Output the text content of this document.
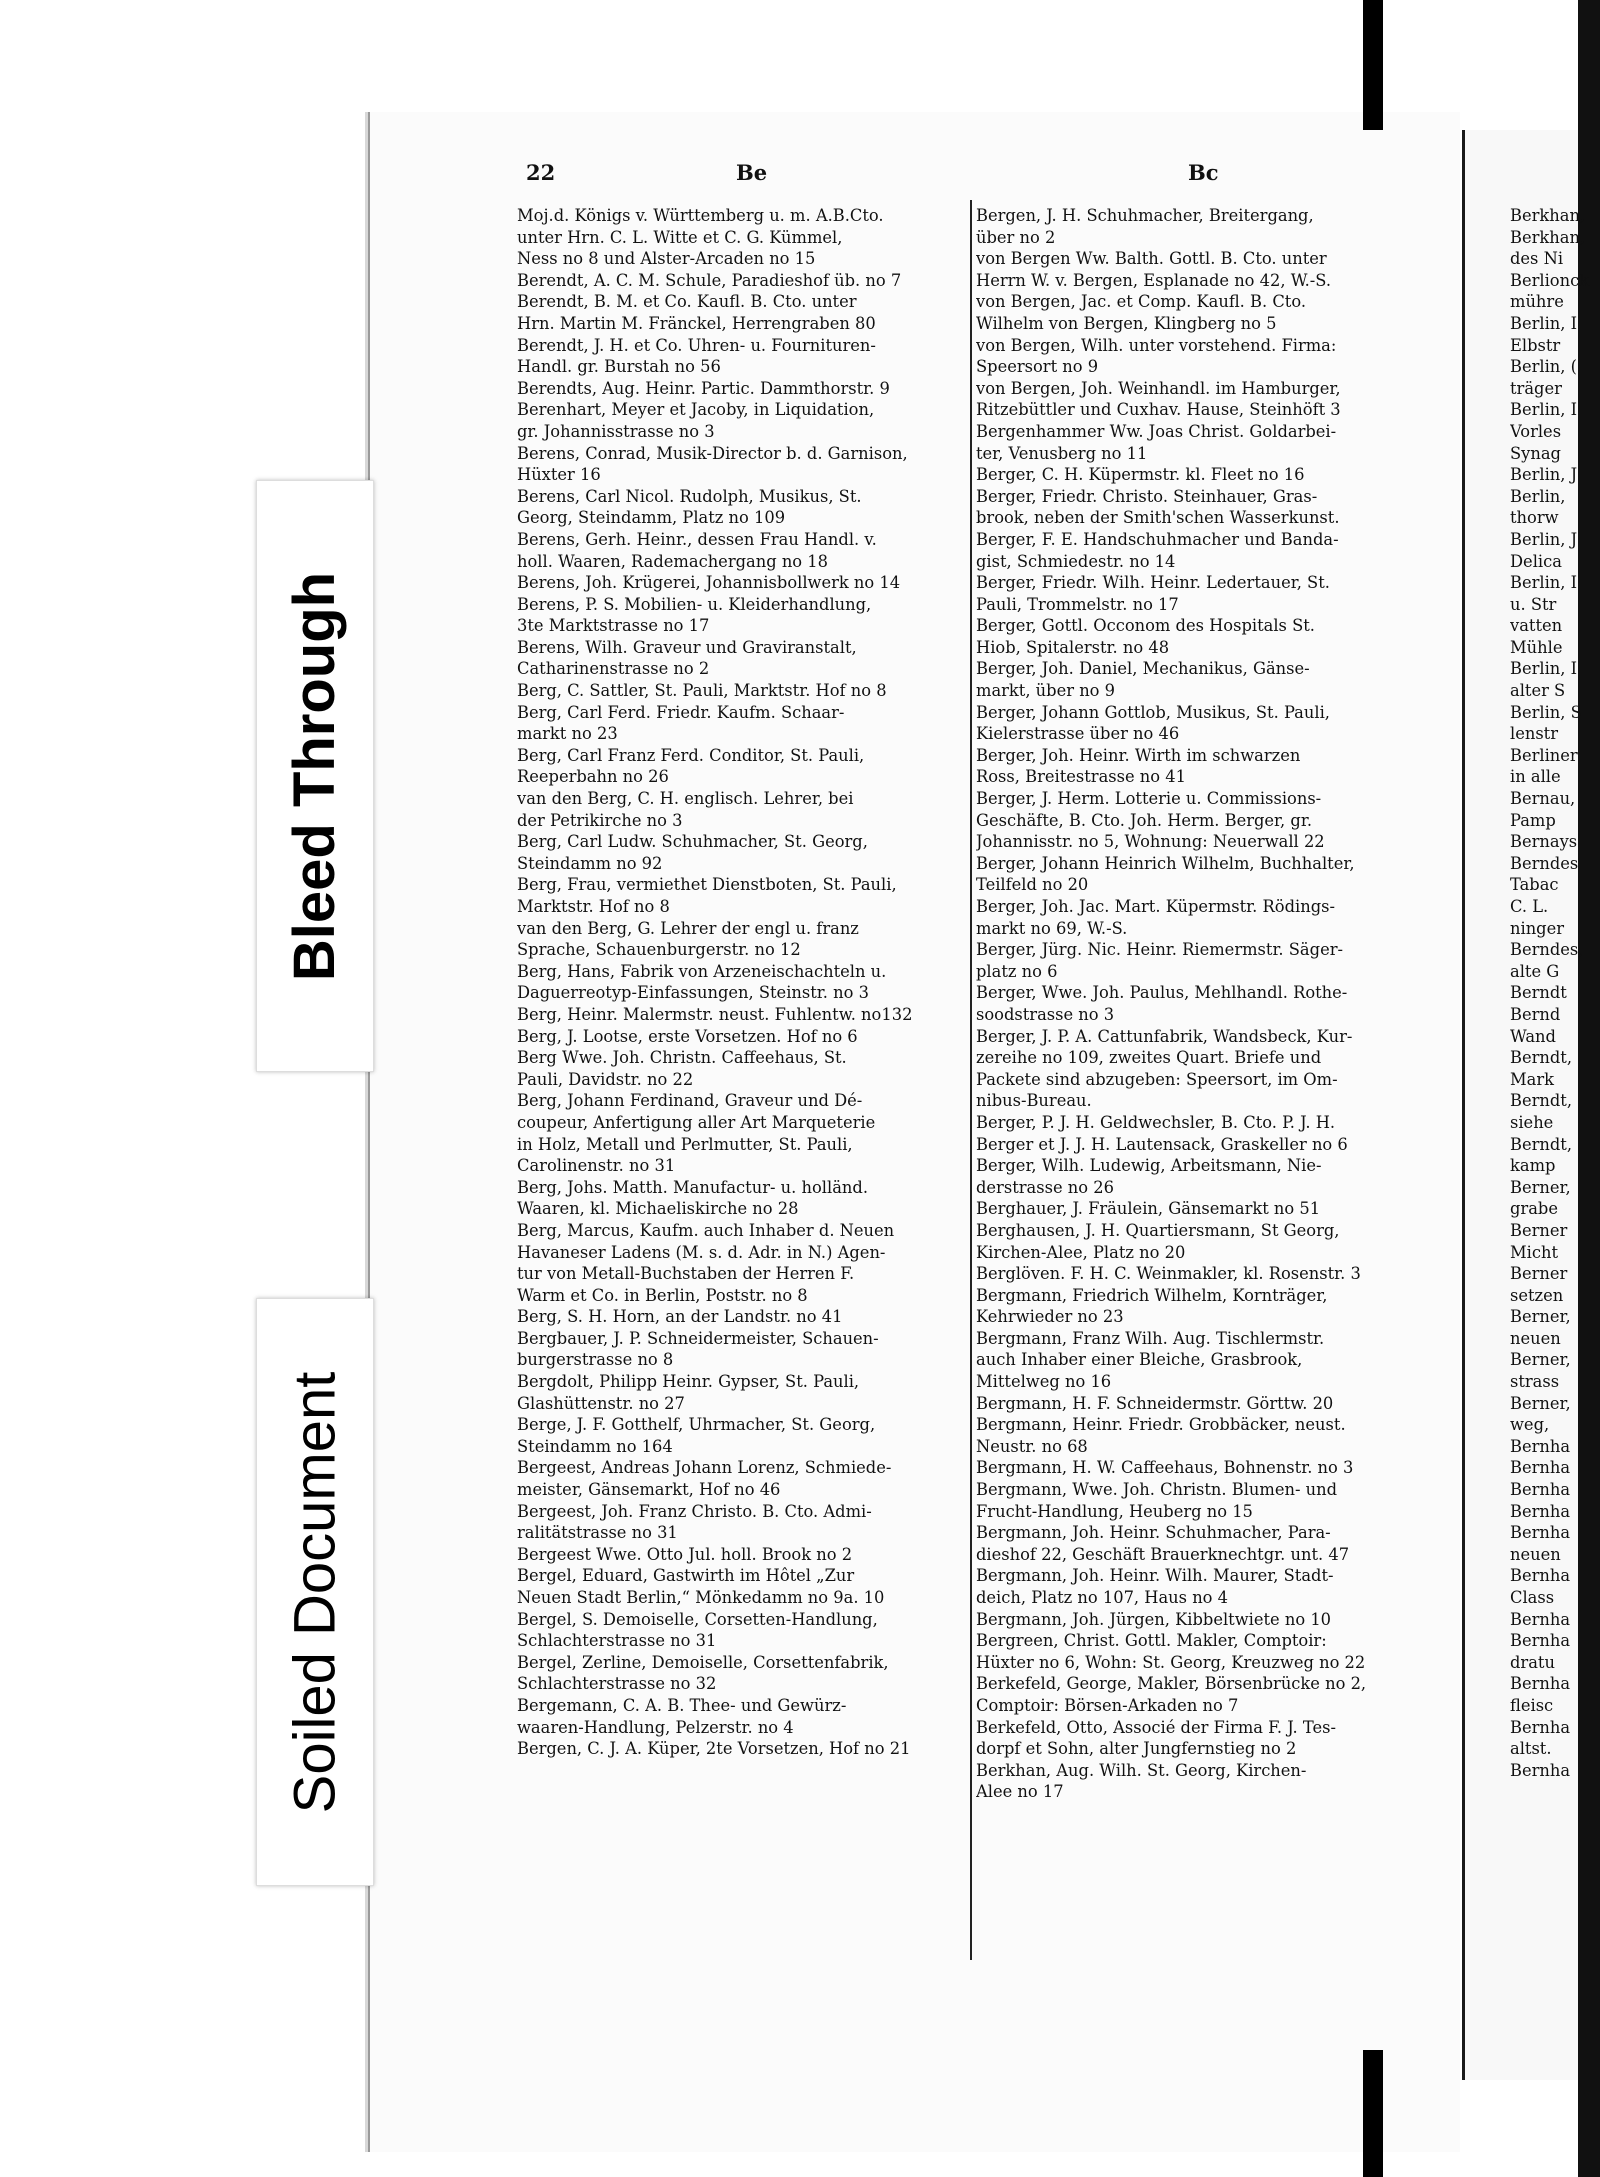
22	Be	Bc
Moj.d. Königs v. Württemberg u. m. A.B.Cto.
unter Hrn. C. L. Witte et C. G. Kümmel,
Ness no 8 und Alster-Arcaden no 15
Berendt, A. C. M. Schule, Paradieshof üb. no 7
Berendt, B. M. et Co. Kaufl. B. Cto. unter
Hrn. Martin M. Fränckel, Herrengraben 80
Berendt, J. H. et Co. Uhren- u. Fournituren-
Handl. gr. Burstah no 56
Berendts, Aug. Heinr. Partic. Dammthorstr. 9
Berenhart, Meyer et Jacoby, in Liquidation,
gr. Johannisstrasse no 3
Berens, Conrad, Musik-Director b. d. Garnison,
Hüxter 16
Berens, Carl Nicol. Rudolph, Musikus, St.
Georg, Steindamm, Platz no 109
Berens, Gerh. Heinr., dessen Frau Handl. v.
holl. Waaren, Rademachergang no 18
Berens, Joh. Krügerei, Johannisbollwerk no 14
Berens, P. S. Mobilien- u. Kleiderhandlung,
3te Marktstrasse no 17
Berens, Wilh. Graveur und Graviranstalt,
Catharinenstrasse no 2
Berg, C. Sattler, St. Pauli, Marktstr. Hof no 8
Berg, Carl Ferd. Friedr. Kaufm. Schaar-
markt no 23
Berg, Carl Franz Ferd. Conditor, St. Pauli,
Reeperbahn no 26
van den Berg, C. H. englisch. Lehrer, bei
der Petrikirche no 3
Berg, Carl Ludw. Schuhmacher, St. Georg,
Steindamm no 92
Berg, Frau, vermiethet Dienstboten, St. Pauli,
Marktstr. Hof no 8
van den Berg, G. Lehrer der engl u. franz
Sprache, Schauenburgerstr. no 12
Berg, Hans, Fabrik von Arzeneischachteln u.
Daguerreotyp-Einfassungen, Steinstr. no 3
Berg, Heinr. Malermstr. neust. Fuhlentw. no132
Berg, J. Lootse, erste Vorsetzen. Hof no 6
Berg Wwe. Joh. Christn. Caffeehaus, St.
Pauli, Davidstr. no 22
Berg, Johann Ferdinand, Graveur und Dé-
coupeur, Anfertigung aller Art Marqueterie
in Holz, Metall und Perlmutter, St. Pauli,
Carolinenstr. no 31
Berg, Johs. Matth. Manufactur- u. holländ.
Waaren, kl. Michaeliskirche no 28
Berg, Marcus, Kaufm. auch Inhaber d. Neuen
Havaneser Ladens (M. s. d. Adr. in N.) Agen-
tur von Metall-Buchstaben der Herren F.
Warm et Co. in Berlin, Poststr. no 8
Berg, S. H. Horn, an der Landstr. no 41
Bergbauer, J. P. Schneidermeister, Schauen-
burgerstrasse no 8
Bergdolt, Philipp Heinr. Gypser, St. Pauli,
Glashüttenstr. no 27
Berge, J. F. Gotthelf, Uhrmacher, St. Georg,
Steindamm no 164
Bergeest, Andreas Johann Lorenz, Schmiede-
meister, Gänsemarkt, Hof no 46
Bergeest, Joh. Franz Christo. B. Cto. Admi-
ralitätstrasse no 31
Bergeest Wwe. Otto Jul. holl. Brook no 2
Bergel, Eduard, Gastwirth im Hôtel „Zur
Neuen Stadt Berlin,“ Mönkedamm no 9a. 10
Bergel, S. Demoiselle, Corsetten-Handlung,
Schlachterstrasse no 31
Bergel, Zerline, Demoiselle, Corsettenfabrik,
Schlachterstrasse no 32
Bergemann, C. A. B. Thee- und Gewürz-
waaren-Handlung, Pelzerstr. no 4
Bergen, C. J. A. Küper, 2te Vorsetzen, Hof no 21
Bergen, J. H. Schuhmacher, Breitergang,
über no 2
von Bergen Ww. Balth. Gottl. B. Cto. unter
Herrn W. v. Bergen, Esplanade no 42, W.-S.
von Bergen, Jac. et Comp. Kaufl. B. Cto.
Wilhelm von Bergen, Klingberg no 5
von Bergen, Wilh. unter vorstehend. Firma:
Speersort no 9
von Bergen, Joh. Weinhandl. im Hamburger,
Ritzebüttler und Cuxhav. Hause, Steinhöft 3
Bergenhammer Ww. Joas Christ. Goldarbei-
ter, Venusberg no 11
Berger, C. H. Küpermstr. kl. Fleet no 16
Berger, Friedr. Christo. Steinhauer, Gras-
brook, neben der Smith'schen Wasserkunst.
Berger, F. E. Handschuhmacher und Banda-
gist, Schmiedestr. no 14
Berger, Friedr. Wilh. Heinr. Ledertauer, St.
Pauli, Trommelstr. no 17
Berger, Gottl. Occonom des Hospitals St.
Hiob, Spitalerstr. no 48
Berger, Joh. Daniel, Mechanikus, Gänse-
markt, über no 9
Berger, Johann Gottlob, Musikus, St. Pauli,
Kielerstrasse über no 46
Berger, Joh. Heinr. Wirth im schwarzen
Ross, Breitestrasse no 41
Berger, J. Herm. Lotterie u. Commissions-
Geschäfte, B. Cto. Joh. Herm. Berger, gr.
Johannisstr. no 5, Wohnung: Neuerwall 22
Berger, Johann Heinrich Wilhelm, Buchhalter,
Teilfeld no 20
Berger, Joh. Jac. Mart. Küpermstr. Rödings-
markt no 69, W.-S.
Berger, Jürg. Nic. Heinr. Riemermstr. Säger-
platz no 6
Berger, Wwe. Joh. Paulus, Mehlhandl. Rothe-
soodstrasse no 3
Berger, J. P. A. Cattunfabrik, Wandsbeck, Kur-
zereihe no 109, zweites Quart. Briefe und
Packete sind abzugeben: Speersort, im Om-
nibus-Bureau.
Berger, P. J. H. Geldwechsler, B. Cto. P. J. H.
Berger et J. J. H. Lautensack, Graskeller no 6
Berger, Wilh. Ludewig, Arbeitsmann, Nie-
derstrasse no 26
Berghauer, J. Fräulein, Gänsemarkt no 51
Berghausen, J. H. Quartiersmann, St Georg,
Kirchen-Alee, Platz no 20
Berglöven. F. H. C. Weinmakler, kl. Rosenstr. 3
Bergmann, Friedrich Wilhelm, Kornträger,
Kehrwieder no 23
Bergmann, Franz Wilh. Aug. Tischlermstr.
auch Inhaber einer Bleiche, Grasbrook,
Mittelweg no 16
Bergmann, H. F. Schneidermstr. Görttw. 20
Bergmann, Heinr. Friedr. Grobbäcker, neust.
Neustr. no 68
Bergmann, H. W. Caffeehaus, Bohnenstr. no 3
Bergmann, Wwe. Joh. Christn. Blumen- und
Frucht-Handlung, Heuberg no 15
Bergmann, Joh. Heinr. Schuhmacher, Para-
dieshof 22, Geschäft Brauerknechtgr. unt. 47
Bergmann, Joh. Heinr. Wilh. Maurer, Stadt-
deich, Platz no 107, Haus no 4
Bergmann, Joh. Jürgen, Kibbeltwiete no 10
Bergreen, Christ. Gottl. Makler, Comptoir:
Hüxter no 6, Wohn: St. Georg, Kreuzweg no 22
Berkefeld, George, Makler, Börsenbrücke no 2,
Comptoir: Börsen-Arkaden no 7
Berkefeld, Otto, Associé der Firma F. J. Tes-
dorpf et Sohn, alter Jungfernstieg no 2
Berkhan, Aug. Wilh. St. Georg, Kirchen-
Alee no 17
Berkhan,
Berkhan,
des Ni
Berlionck
mühre
Berlin, I
Elbstr
Berlin, (
träger
Berlin, I
Vorles
Synag
Berlin, J
Berlin,
thorw
Berlin, J
Delica
Berlin, I
u. Str
vatten
Mühle
Berlin, I
alter S
Berlin, S
lenstr
Berliner
in alle
Bernau,
Pamp
Bernays
Berndes
Tabac
C. L.
ninger
Berndes,
alte G
Berndt
Bernd
Wand
Berndt,
Mark
Berndt,
siehe
Berndt,
kamp
Berner,
grabe
Berner
Micht
Berner
setzen
Berner,
neuen
Berner,
strass
Berner,
weg,
Bernha
Bernha
Bernha
Bernha
Bernha
neuen
Bernha
Class
Bernha
Bernha
dratu
Bernha
fleisc
Bernha
altst.
Bernha
Bleed Through
Soiled Document
